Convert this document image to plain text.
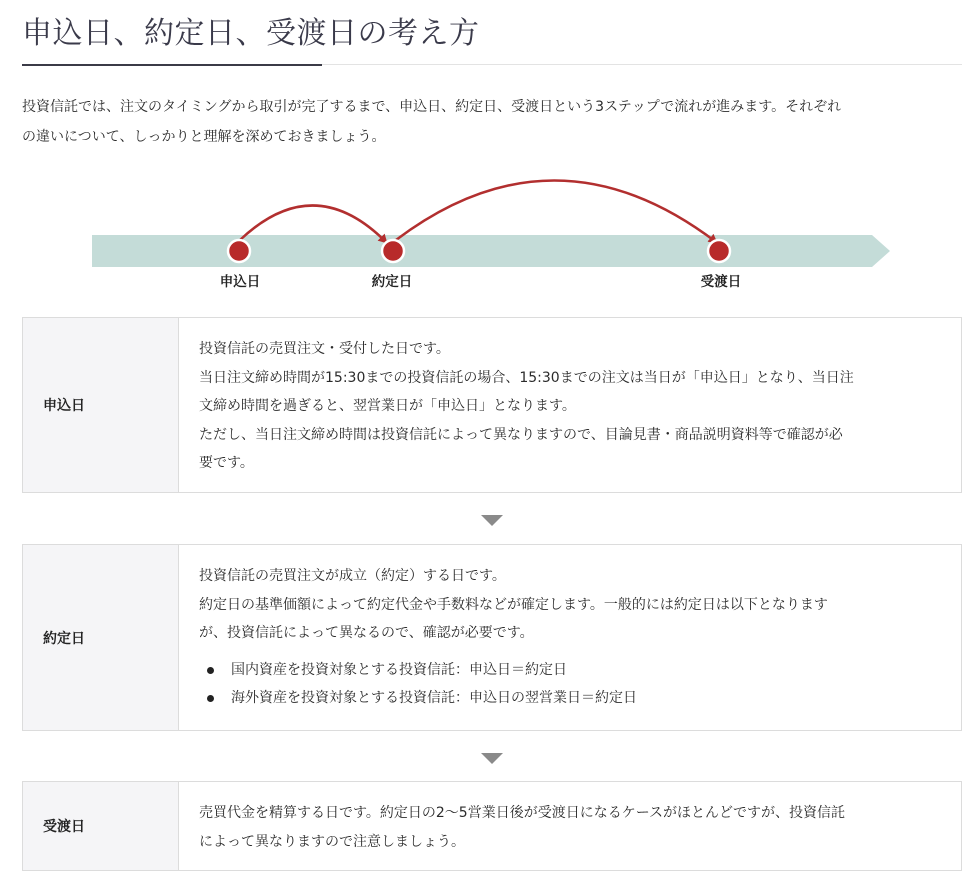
申込日、約定日、受渡日の考え方

投資信託では、注文のタイミングから取引が完了するまで、申込日、約定日、受渡日という3ステップで流れが進みます。それぞれ
の違いについて、しっかりと理解を深めておきましょう。

申込日	約定日	受渡日
申込日

投資信託の売買注文・受付した日です。

当日注文締め時間が15:30までの投資信託の場合、15:30までの注文は当日が「申込日」となり、当日注

文締め時間を過ぎると、翌営業日が「申込日」となります。

ただし、当日注文締め時間は投資信託によって異なりますので、目論見書・商品説明資料等で確認が必

要です。

約定日

投資信託の売買注文が成立（約定）する日です。

約定日の基準価額によって約定代金や手数料などが確定します。一般的には約定日は以下となります

が、投資信託によって異なるので、確認が必要です。

国内資産を投資対象とする投資信託：申込日＝約定日
海外資産を投資対象とする投資信託：申込日の翌営業日＝約定日
受渡日

売買代金を精算する日です。約定日の2〜5営業日後が受渡日になるケースがほとんどですが、投資信託

によって異なりますので注意しましょう。
